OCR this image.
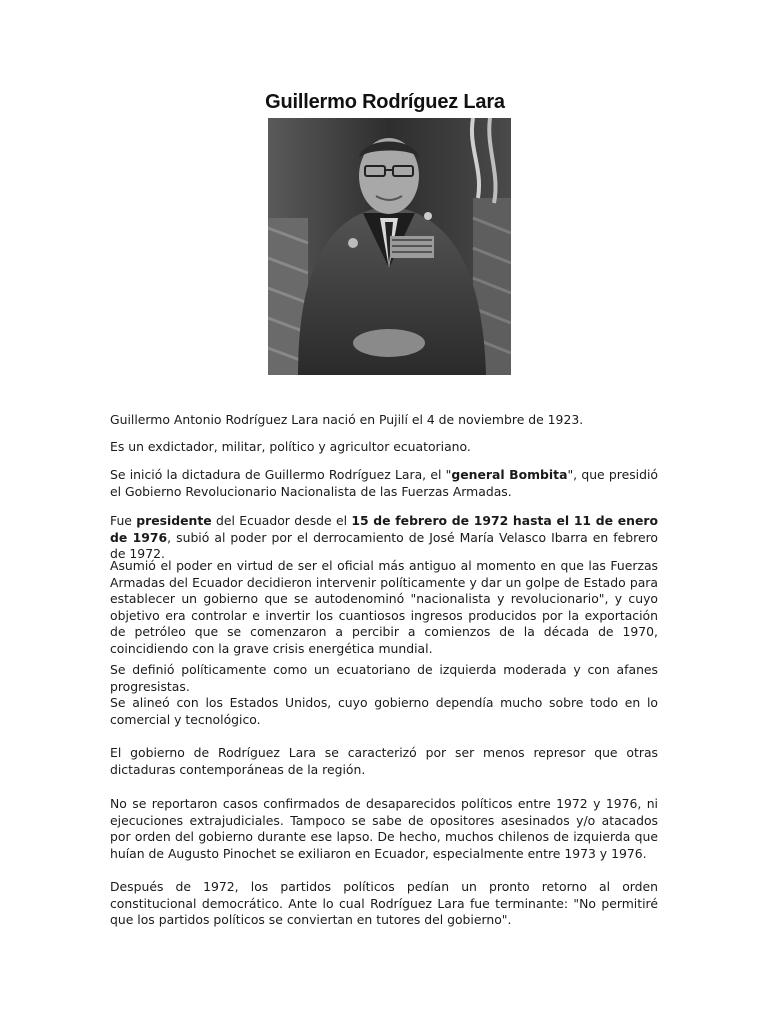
Guillermo Rodríguez Lara

Guillermo Antonio Rodríguez Lara nació en Pujilí el 4 de noviembre de 1923.

Es un exdictador, militar, político y agricultor ecuatoriano.

Se inició la dictadura de Guillermo Rodríguez Lara, el "general Bombita", que presidió el Gobierno Revolucionario Nacionalista de las Fuerzas Armadas.

Fue presidente del Ecuador desde el 15 de febrero de 1972 hasta el 11 de enero de 1976, subió al poder por el derrocamiento de José María Velasco Ibarra en febrero de 1972.

Asumió el poder en virtud de ser el oficial más antiguo al momento en que las Fuerzas Armadas del Ecuador decidieron intervenir políticamente y dar un golpe de Estado para establecer un gobierno que se autodenominó "nacionalista y revolucionario", y cuyo objetivo era controlar e invertir los cuantiosos ingresos producidos por la exportación de petróleo que se comenzaron a percibir a comienzos de la década de 1970, coincidiendo con la grave crisis energética mundial.

Se definió políticamente como un ecuatoriano de izquierda moderada y con afanes progresistas.

Se alineó con los Estados Unidos, cuyo gobierno dependía mucho sobre todo en lo comercial y tecnológico.

El gobierno de Rodríguez Lara se caracterizó por ser menos represor que otras dictaduras contemporáneas de la región.

No se reportaron casos confirmados de desaparecidos políticos entre 1972 y 1976, ni ejecuciones extrajudiciales. Tampoco se sabe de opositores asesinados y/o atacados por orden del gobierno durante ese lapso. De hecho, muchos chilenos de izquierda que huían de Augusto Pinochet se exiliaron en Ecuador, especialmente entre 1973 y 1976.

Después de 1972, los partidos políticos pedían un pronto retorno al orden constitucional democrático. Ante lo cual Rodríguez Lara fue terminante: "No permitiré que los partidos políticos se conviertan en tutores del gobierno".
